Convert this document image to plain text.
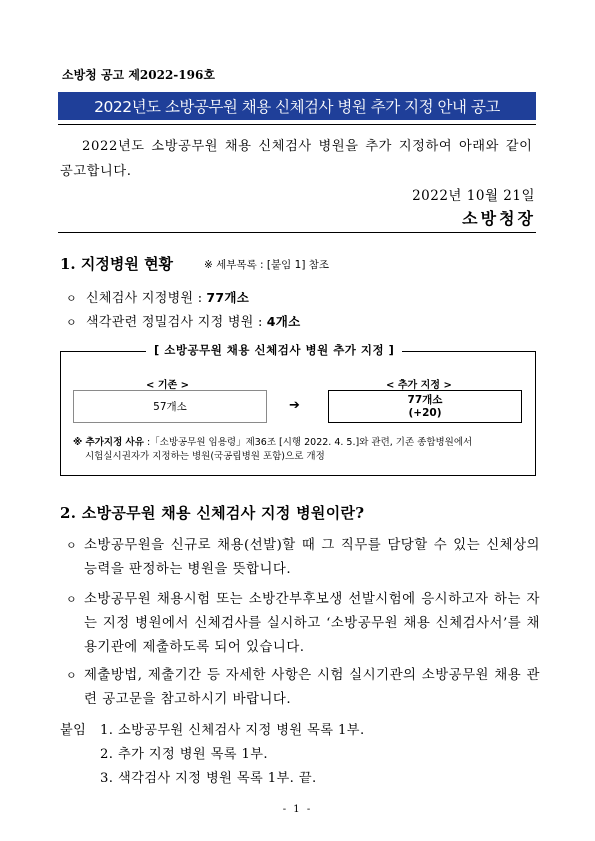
소방청 공고 제2022-196호
2022년도 소방공무원 채용 신체검사 병원 추가 지정 안내 공고
2022년도 소방공무원 채용 신체검사 병원을 추가 지정하여 아래와 같이 공고합니다.
2022년 10월 21일
소방청장
1. 지정병원 현황	※ 세부목록 : [붙임 1] 참조
ㅇ 신체검사 지정병원 : 77개소
ㅇ 색각관련 정밀검사 지정 병원 : 4개소
[ 소방공무원 채용 신체검사 병원 추가 지정 ]
< 기존 >	< 추가 지정 >
57개소	➔	77개소
(+20)
※ 추가지정 사유 :「소방공무원 임용령」제36조 [시행 2022. 4. 5.]와 관련, 기존 종합병원에서
시험실시권자가 지정하는 병원(국공립병원 포함)으로 개정
2. 소방공무원 채용 신체검사 지정 병원이란?
ㅇ 소방공무원을 신규로 채용(선발)할 때 그 직무를 담당할 수 있는 신체상의 능력을 판정하는 병원을 뜻합니다.
ㅇ 소방공무원 채용시험 또는 소방간부후보생 선발시험에 응시하고자 하는 자는 지정 병원에서 신체검사를 실시하고 ‘소방공무원 채용 신체검사서’를 채용기관에 제출하도록 되어 있습니다.
ㅇ 제출방법, 제출기간 등 자세한 사항은 시험 실시기관의 소방공무원 채용 관련 공고문을 참고하시기 바랍니다.
붙임	1. 소방공무원 신체검사 지정 병원 목록 1부.
2. 추가 지정 병원 목록 1부.
3. 색각검사 지정 병원 목록 1부. 끝.
- 1 -
